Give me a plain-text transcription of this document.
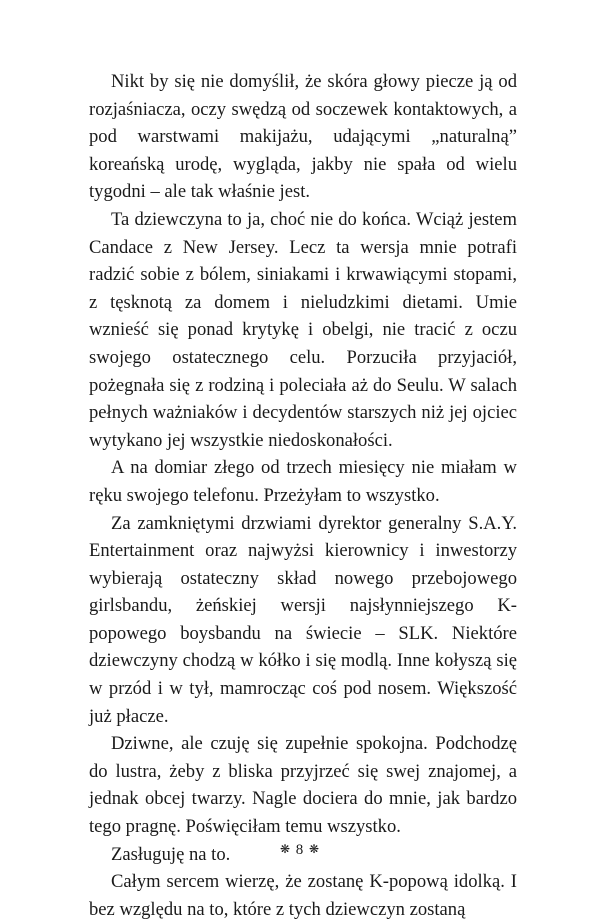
Nikt by się nie domyślił, że skóra głowy piecze ją od rozjaśniacza, oczy swędzą od soczewek kontaktowych, a pod warstwami makijażu, udającymi „naturalną” koreańską urodę, wygląda, jakby nie spała od wielu tygodni – ale tak właśnie jest.

Ta dziewczyna to ja, choć nie do końca. Wciąż jestem Candace z New Jersey. Lecz ta wersja mnie potrafi radzić sobie z bólem, siniakami i krwawiącymi stopami, z tęsknotą za domem i nieludzkimi dietami. Umie wznieść się ponad krytykę i obelgi, nie tracić z oczu swojego ostatecznego celu. Porzuciła przyjaciół, pożegnała się z rodziną i poleciała aż do Seulu. W salach pełnych ważniaków i decydentów starszych niż jej ojciec wytykano jej wszystkie niedoskonałości.

A na domiar złego od trzech miesięcy nie miałam w ręku swojego telefonu. Przeżyłam to wszystko.

Za zamkniętymi drzwiami dyrektor generalny S.A.Y. Entertainment oraz najwyżsi kierownicy i inwestorzy wybierają ostateczny skład nowego przebojowego girlsbandu, żeńskiej wersji najsłynniejszego K-popowego boysbandu na świecie – SLK. Niektóre dziewczyny chodzą w kółko i się modlą. Inne kołyszą się w przód i w tył, mamrocząc coś pod nosem. Większość już płacze.

Dziwne, ale czuję się zupełnie spokojna. Podchodzę do lustra, żeby z bliska przyjrzeć się swej znajomej, a jednak obcej twarzy. Nagle dociera do mnie, jak bardzo tego pragnę. Poświęciłam temu wszystko.

Zasługuję na to.

Całym sercem wierzę, że zostanę K-popową idolką. I bez względu na to, które z tych dziewczyn zostaną

❋ 8 ❋
